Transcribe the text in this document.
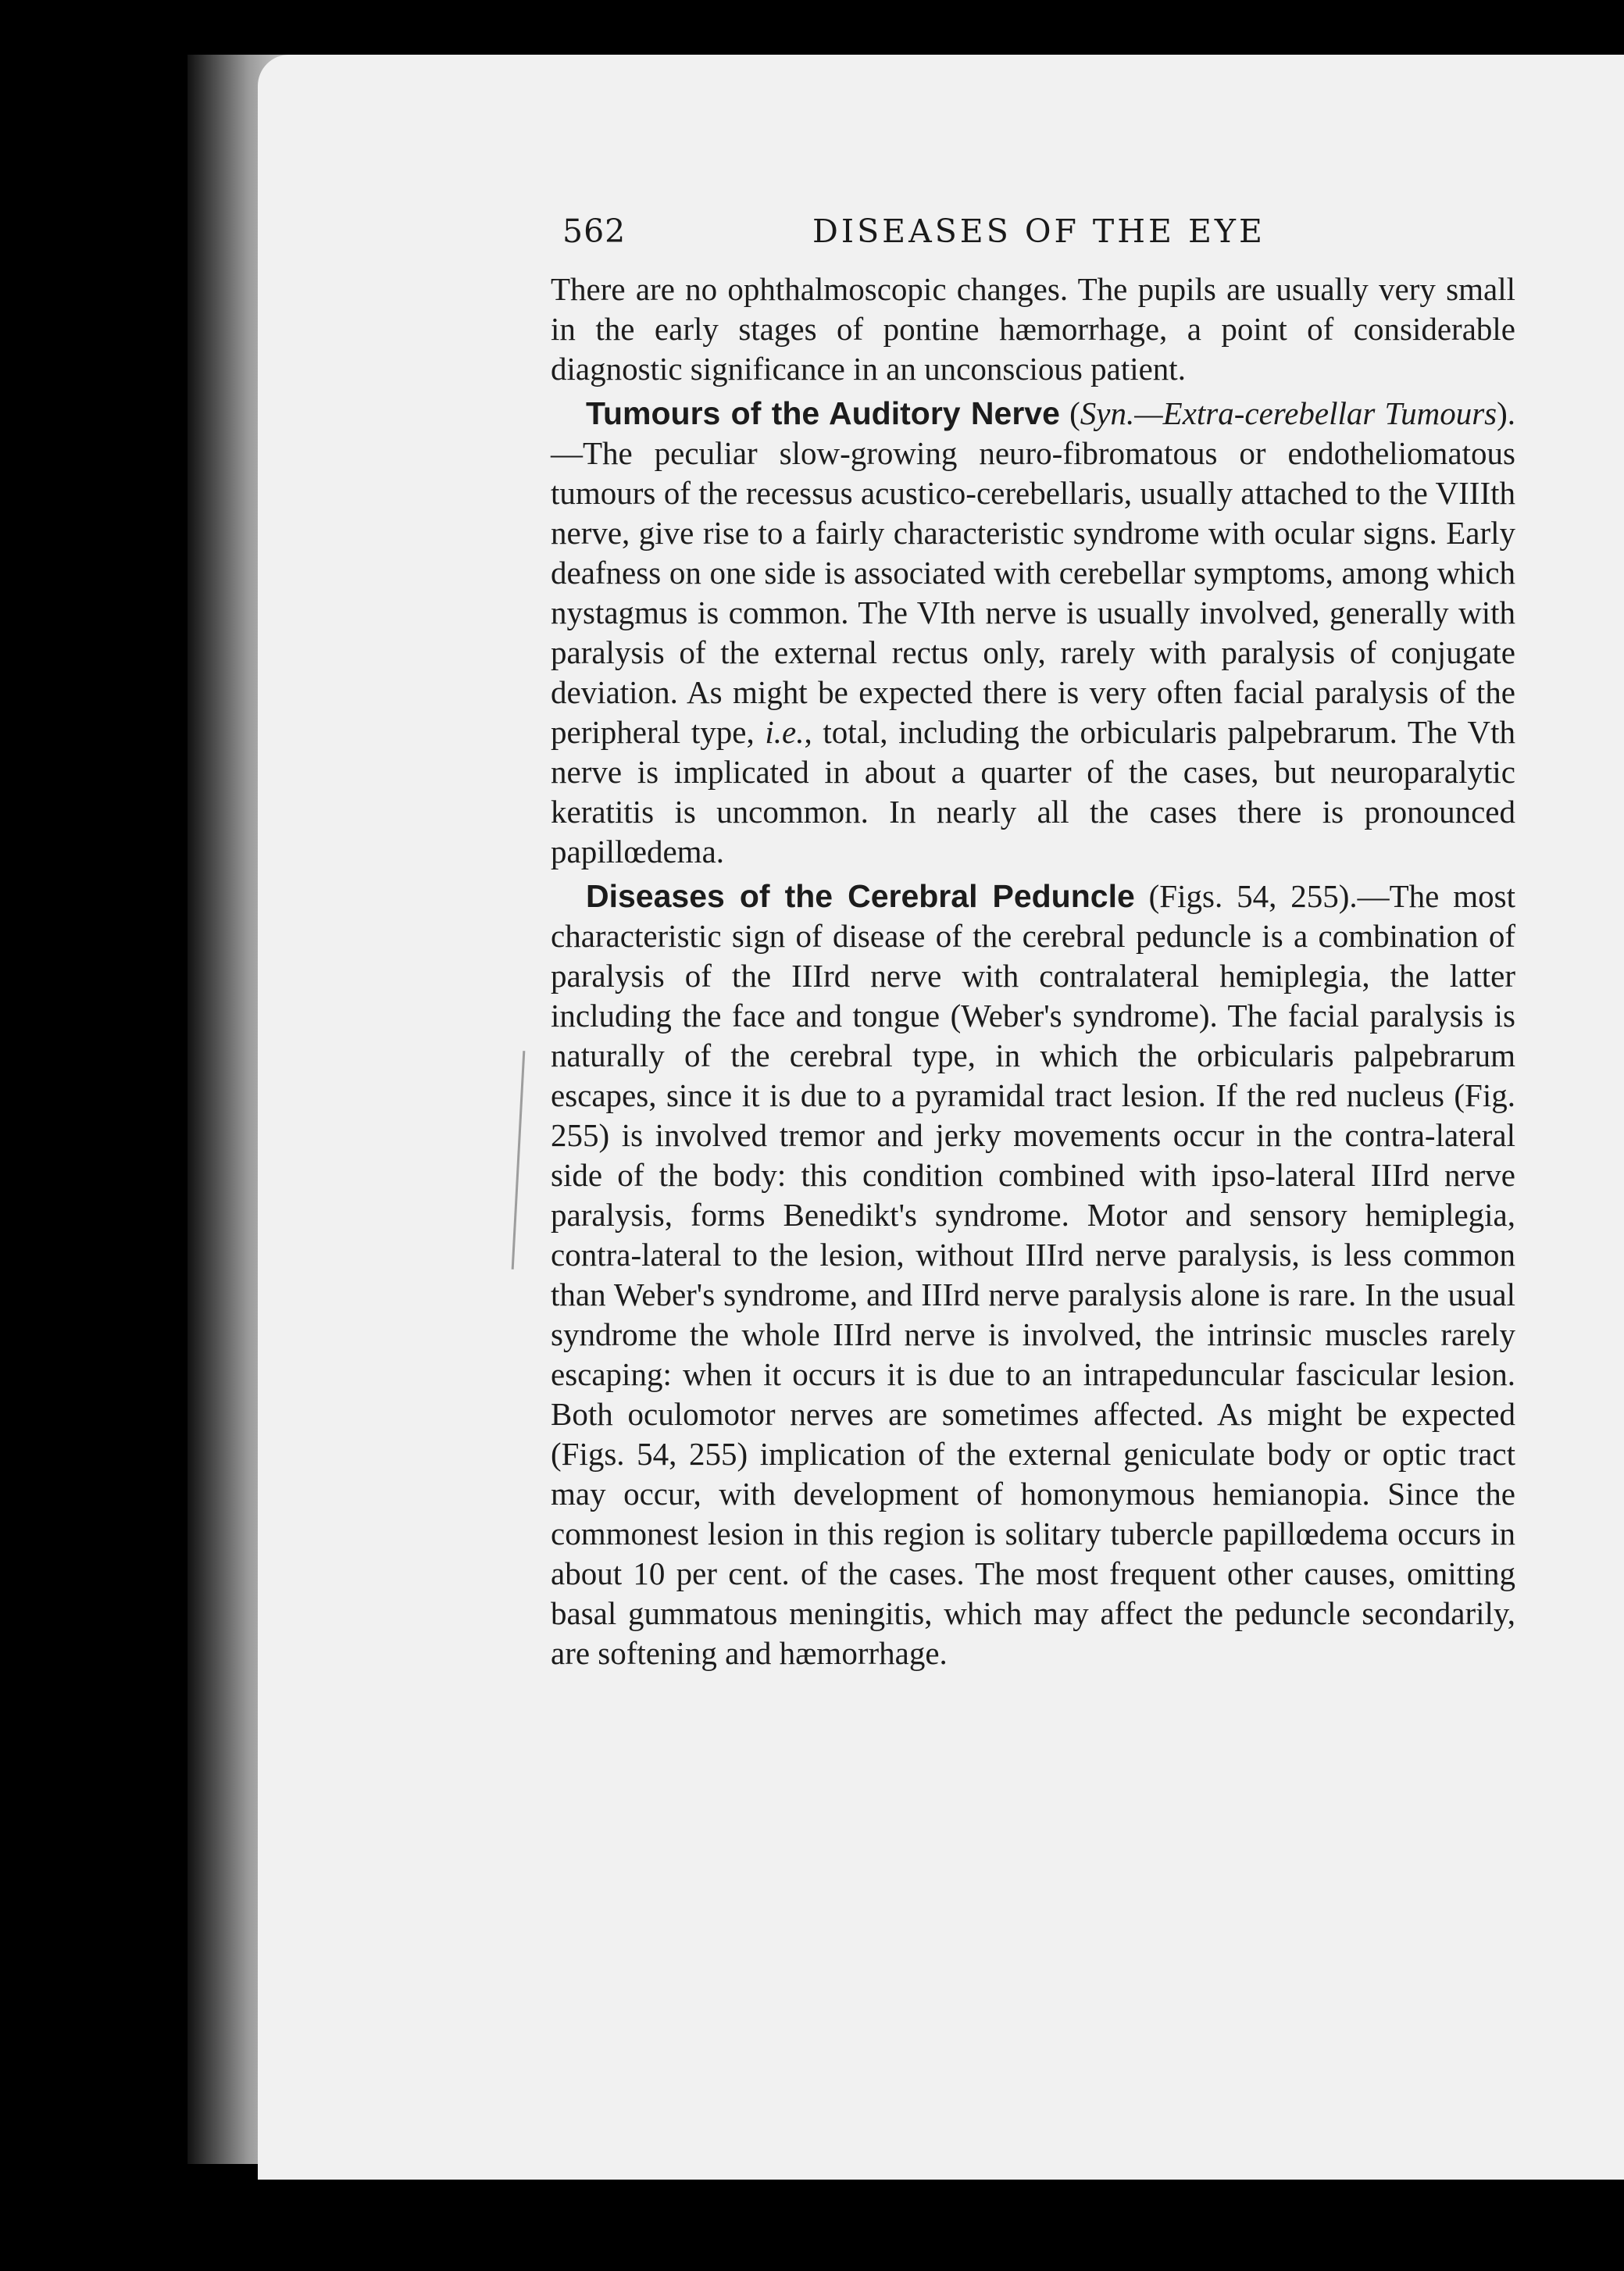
562	DISEASES OF THE EYE

There are no ophthalmoscopic changes. The pupils are usually very small in the early stages of pontine hæmorrhage, a point of considerable diagnostic significance in an unconscious patient.

Tumours of the Auditory Nerve (Syn.—Extra-cerebellar Tumours).—The peculiar slow-growing neuro-fibromatous or endotheliomatous tumours of the recessus acustico-cerebellaris, usually attached to the VIIIth nerve, give rise to a fairly characteristic syndrome with ocular signs. Early deafness on one side is associated with cerebellar symptoms, among which nystagmus is common. The VIth nerve is usually involved, generally with paralysis of the external rectus only, rarely with paralysis of conjugate deviation. As might be expected there is very often facial paralysis of the peripheral type, i.e., total, including the orbicularis palpebrarum. The Vth nerve is implicated in about a quarter of the cases, but neuroparalytic keratitis is uncommon. In nearly all the cases there is pronounced papillœdema.

Diseases of the Cerebral Peduncle (Figs. 54, 255).—The most characteristic sign of disease of the cerebral peduncle is a combination of paralysis of the IIIrd nerve with contralateral hemiplegia, the latter including the face and tongue (Weber's syndrome). The facial paralysis is naturally of the cerebral type, in which the orbicularis palpebrarum escapes, since it is due to a pyramidal tract lesion. If the red nucleus (Fig. 255) is involved tremor and jerky movements occur in the contra-lateral side of the body: this condition combined with ipso-lateral IIIrd nerve paralysis, forms Benedikt's syndrome. Motor and sensory hemiplegia, contra-lateral to the lesion, without IIIrd nerve paralysis, is less common than Weber's syndrome, and IIIrd nerve paralysis alone is rare. In the usual syndrome the whole IIIrd nerve is involved, the intrinsic muscles rarely escaping: when it occurs it is due to an intrapeduncular fascicular lesion. Both oculomotor nerves are sometimes affected. As might be expected (Figs. 54, 255) implication of the external geniculate body or optic tract may occur, with development of homonymous hemianopia. Since the commonest lesion in this region is solitary tubercle papillœdema occurs in about 10 per cent. of the cases. The most frequent other causes, omitting basal gummatous meningitis, which may affect the peduncle secondarily, are softening and hæmorrhage.
